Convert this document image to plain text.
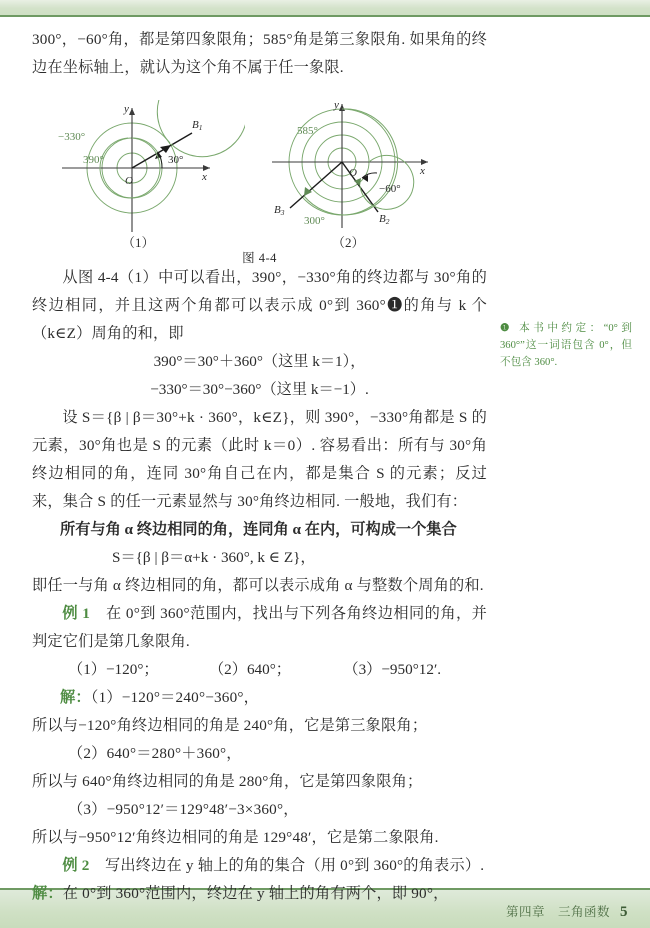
第四章　三角函数 5

300°，−60°角，都是第四象限角；585°角是第三象限角. 如果角的终边在坐标轴上，就认为这个角不属于任一象限.

从图 4-4（1）中可以看出，390°，−330°角的终边都与 30°角的终边相同，并且这两个角都可以表示成 0°到 360°❶的角与 k 个（k∈Z）周角的和，即

390°＝30°＋360°（这里 k＝1），

−330°＝30°−360°（这里 k＝−1）.

设 S＝{β | β＝30°+k · 360°，k∈Z}，则 390°，−330°角都是 S 的元素，30°角也是 S 的元素（此时 k＝0）. 容易看出：所有与 30°角终边相同的角，连同 30°角自己在内，都是集合 S 的元素；反过来，集合 S 的任一元素显然与 30°角终边相同. 一般地，我们有：

所有与角 α 终边相同的角，连同角 α 在内，可构成一个集合

S＝{β | β＝α+k · 360°, k ∈ Z}，

即任一与角 α 终边相同的角，都可以表示成角 α 与整数个周角的和.

例 1　 在 0°到 360°范围内，找出与下列各角终边相同的角，并判定它们是第几象限角.

（1）−120°；	（2）640°；	（3）−950°12′.

解：（1）−120°＝240°−360°，

所以与−120°角终边相同的角是 240°角，它是第三象限角；

（2）640°＝280°＋360°，

所以与 640°角终边相同的角是 280°角，它是第四象限角；

（3）−950°12′＝129°48′−3×360°，

所以与−950°12′角终边相同的角是 129°48′，它是第二象限角.

例 2　 写出终边在 y 轴上的角的集合（用 0°到 360°的角表示）.

解：在 0°到 360°范围内，终边在 y 轴上的角有两个，即 90°，

❶ 本书中约定：“0°到 360°”这一词语包含 0°，但不包含 360°.
y
x
O
B1
30°
390°
−330°
（1）
y
x
O
B3
B2
585°
−60°
300°
（2）
图 4-4
